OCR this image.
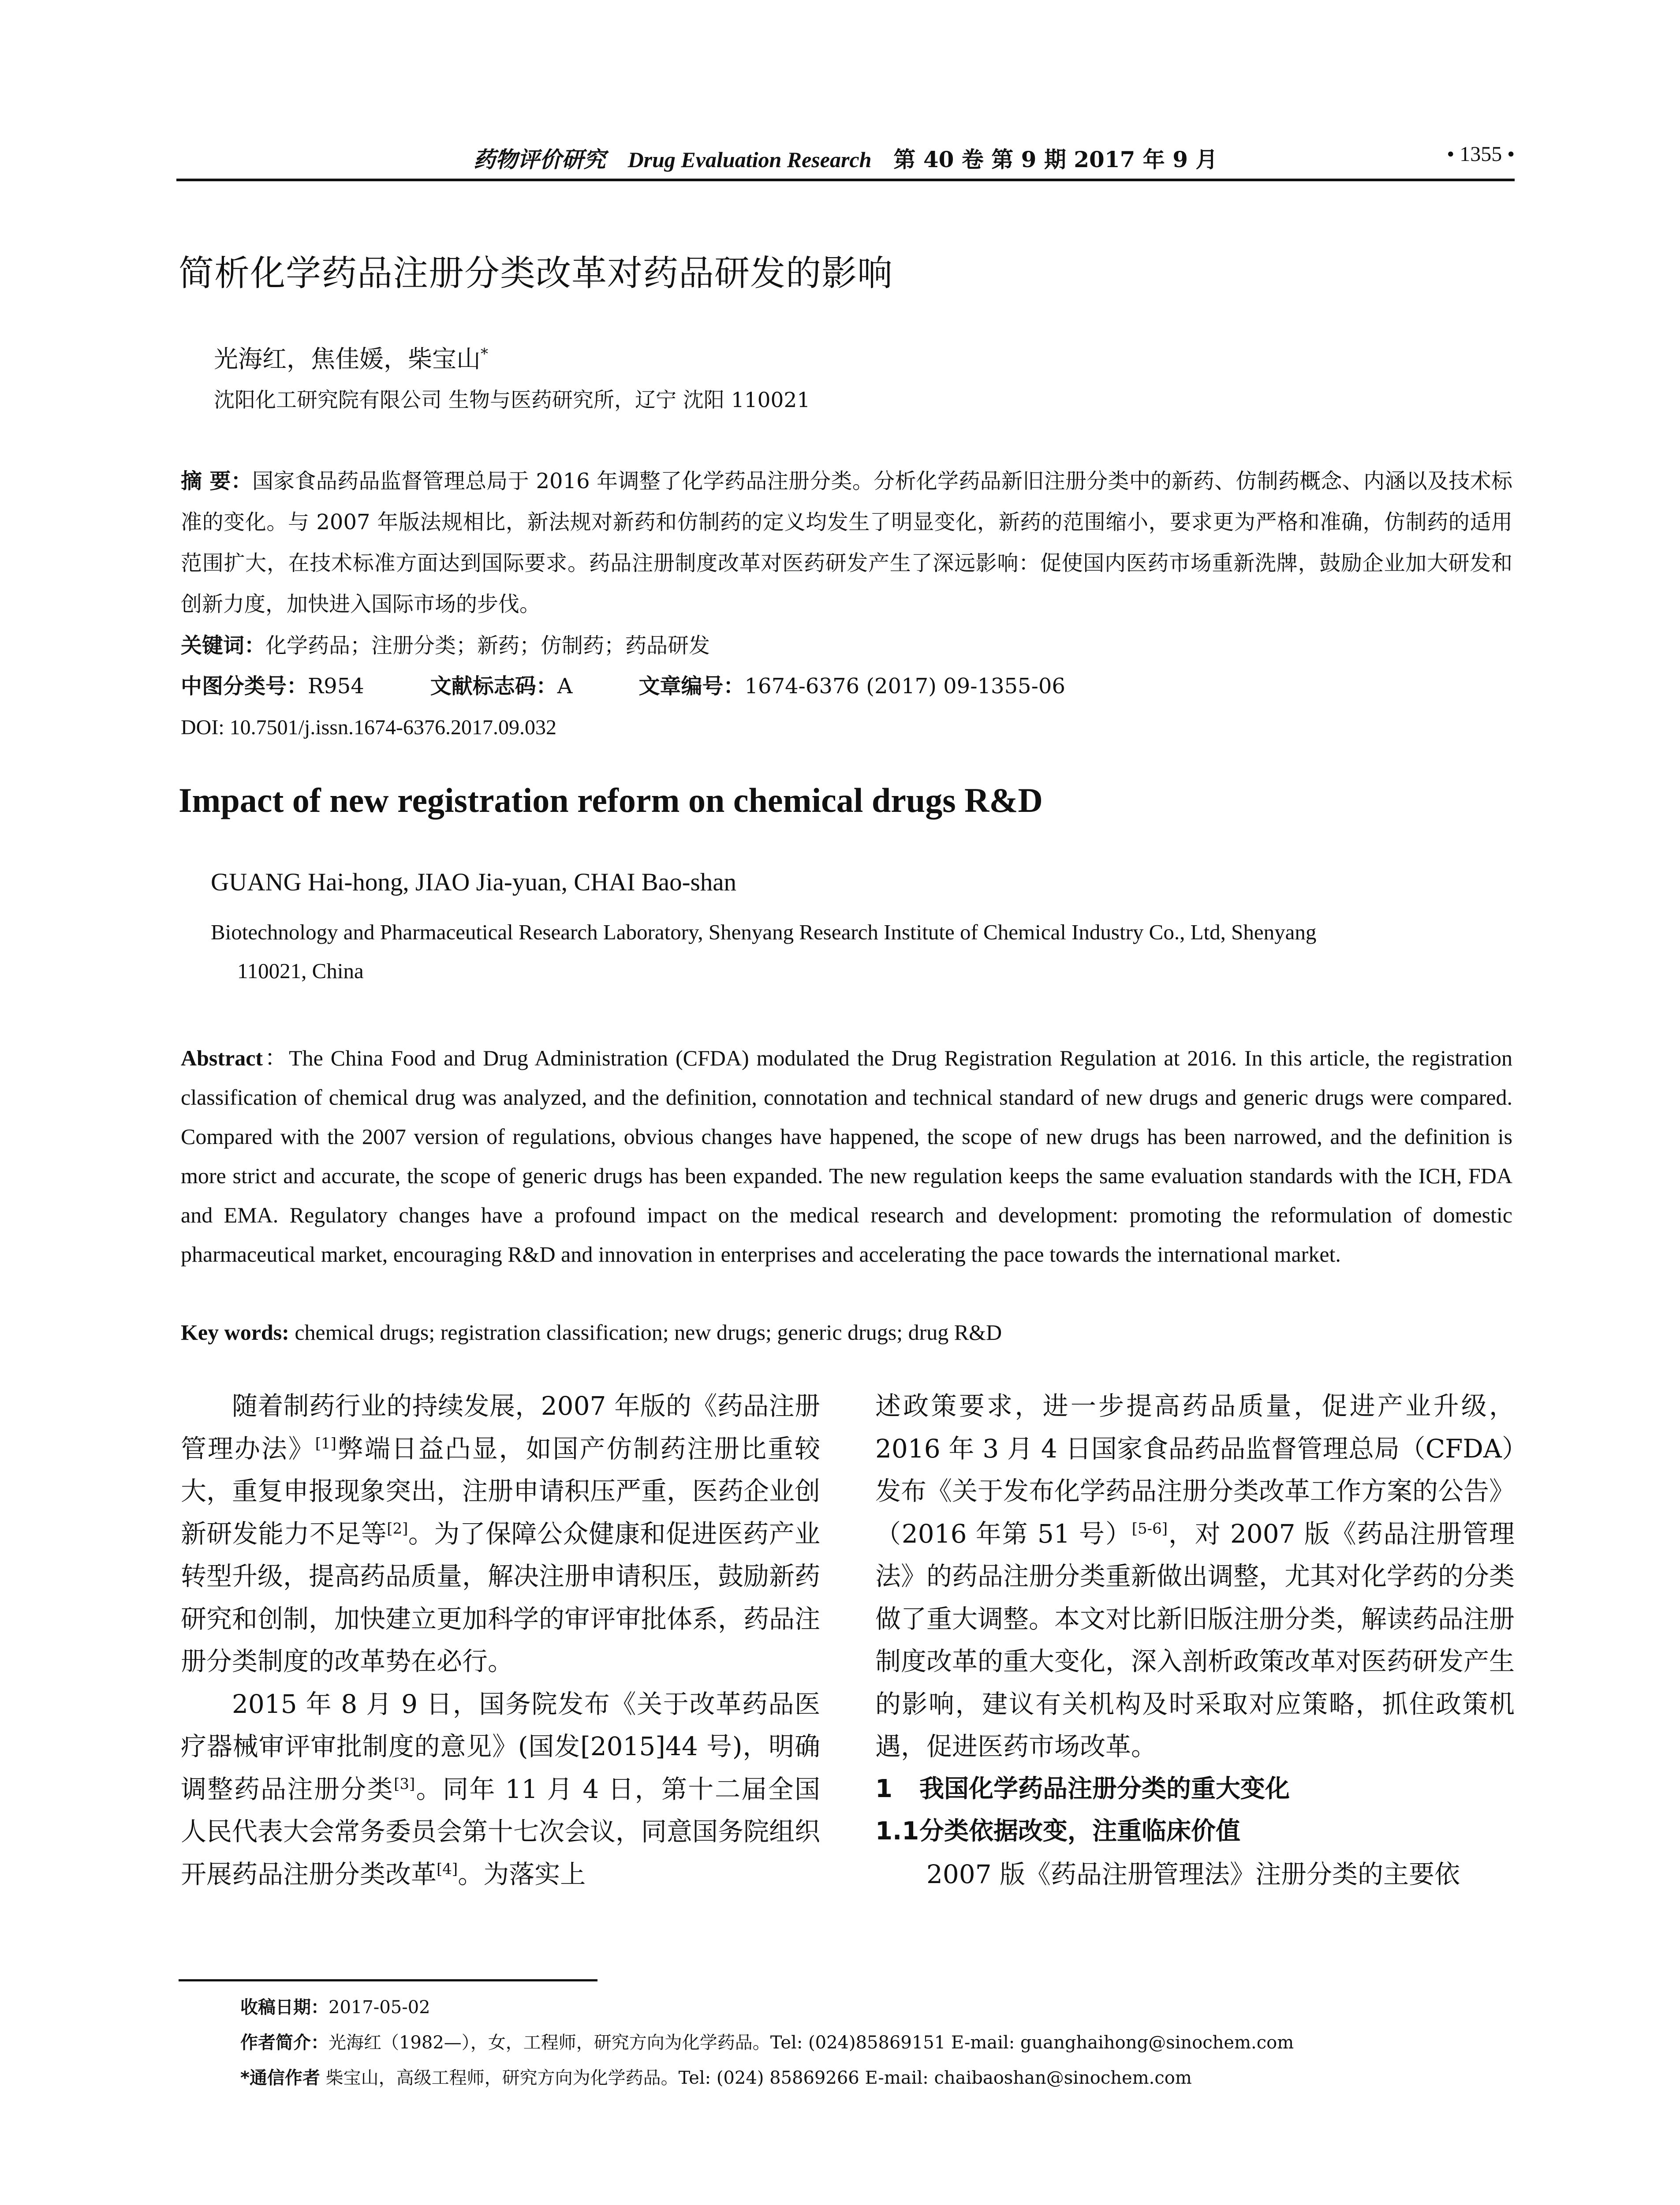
药物评价研究 Drug Evaluation Research 第 40 卷 第 9 期 2017 年 9 月	• 1355 •
简析化学药品注册分类改革对药品研发的影响
光海红，焦佳媛，柴宝山*
沈阳化工研究院有限公司 生物与医药研究所，辽宁 沈阳 110021
摘 要：国家食品药品监督管理总局于 2016 年调整了化学药品注册分类。分析化学药品新旧注册分类中的新药、仿制药概念、内涵以及技术标准的变化。与 2007 年版法规相比，新法规对新药和仿制药的定义均发生了明显变化，新药的范围缩小，要求更为严格和准确，仿制药的适用范围扩大，在技术标准方面达到国际要求。药品注册制度改革对医药研发产生了深远影响：促使国内医药市场重新洗牌，鼓励企业加大研发和创新力度，加快进入国际市场的步伐。
关键词：化学药品；注册分类；新药；仿制药；药品研发
中图分类号：R954	文献标志码：A	文章编号：1674-6376 (2017) 09-1355-06
DOI: 10.7501/j.issn.1674-6376.2017.09.032
Impact of new registration reform on chemical drugs R&D
GUANG Hai-hong, JIAO Jia-yuan, CHAI Bao-shan
Biotechnology and Pharmaceutical Research Laboratory, Shenyang Research Institute of Chemical Industry Co., Ltd, Shenyang
110021, China
Abstract：The China Food and Drug Administration (CFDA) modulated the Drug Registration Regulation at 2016. In this article, the registration classification of chemical drug was analyzed, and the definition, connotation and technical standard of new drugs and generic drugs were compared. Compared with the 2007 version of regulations, obvious changes have happened, the scope of new drugs has been narrowed, and the definition is more strict and accurate, the scope of generic drugs has been expanded. The new regulation keeps the same evaluation standards with the ICH, FDA and EMA. Regulatory changes have a profound impact on the medical research and development: promoting the reformulation of domestic pharmaceutical market, encouraging R&D and innovation in enterprises and accelerating the pace towards the international market.
Key words: chemical drugs; registration classification; new drugs; generic drugs; drug R&D

随着制药行业的持续发展，2007 年版的《药品注册管理办法》[1]弊端日益凸显，如国产仿制药注册比重较大，重复申报现象突出，注册申请积压严重，医药企业创新研发能力不足等[2]。为了保障公众健康和促进医药产业转型升级，提高药品质量，解决注册申请积压，鼓励新药研究和创制，加快建立更加科学的审评审批体系，药品注册分类制度的改革势在必行。

2015 年 8 月 9 日，国务院发布《关于改革药品医疗器械审评审批制度的意见》(国发[2015]44 号)，明确调整药品注册分类[3]。同年 11 月 4 日，第十二届全国人民代表大会常务委员会第十七次会议，同意国务院组织开展药品注册分类改革[4]。为落实上

述政策要求，进一步提高药品质量，促进产业升级，2016 年 3 月 4 日国家食品药品监督管理总局（CFDA）发布《关于发布化学药品注册分类改革工作方案的公告》（2016 年第 51 号）[5-6]，对 2007 版《药品注册管理法》的药品注册分类重新做出调整，尤其对化学药的分类做了重大调整。本文对比新旧版注册分类，解读药品注册制度改革的重大变化，深入剖析政策改革对医药研发产生的影响，建议有关机构及时采取对应策略，抓住政策机遇，促进医药市场改革。

1 我国化学药品注册分类的重大变化
1.1分类依据改变，注重临床价值

2007 版《药品注册管理法》注册分类的主要依

收稿日期：2017-05-02
作者简介：光海红（1982—），女，工程师，研究方向为化学药品。Tel: (024)85869151 E-mail: guanghaihong@sinochem.com
*通信作者 柴宝山，高级工程师，研究方向为化学药品。Tel: (024) 85869266 E-mail: chaibaoshan@sinochem.com
